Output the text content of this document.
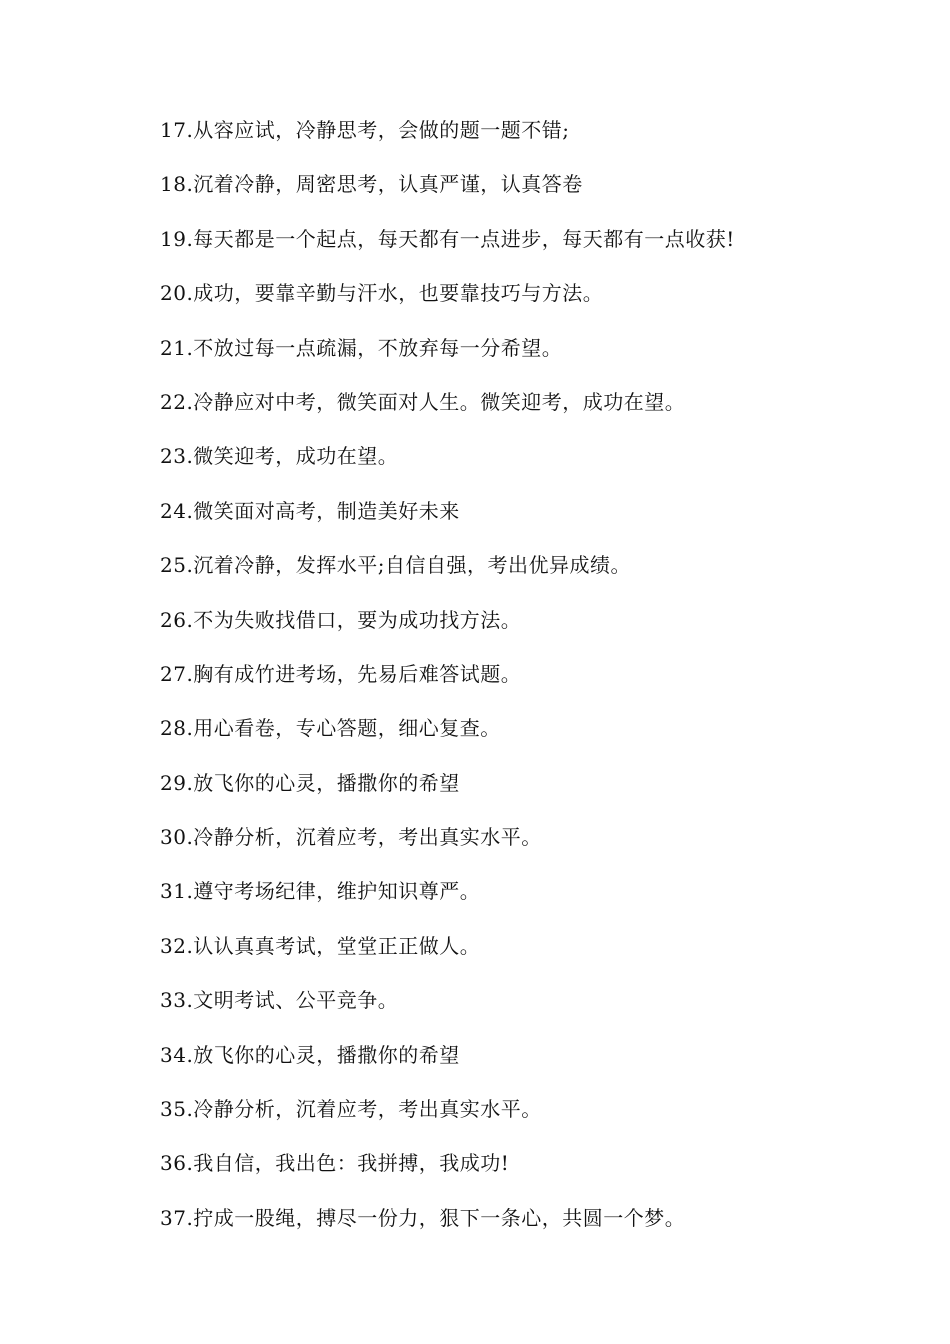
17.从容应试，冷静思考，会做的题一题不错;
18.沉着冷静，周密思考，认真严谨，认真答卷
19.每天都是一个起点，每天都有一点进步，每天都有一点收获!
20.成功，要靠辛勤与汗水，也要靠技巧与方法。
21.不放过每一点疏漏，不放弃每一分希望。
22.冷静应对中考，微笑面对人生。微笑迎考，成功在望。
23.微笑迎考，成功在望。
24.微笑面对高考，制造美好未来
25.沉着冷静，发挥水平;自信自强，考出优异成绩。
26.不为失败找借口，要为成功找方法。
27.胸有成竹进考场，先易后难答试题。
28.用心看卷，专心答题，细心复查。
29.放飞你的心灵，播撒你的希望
30.冷静分析，沉着应考，考出真实水平。
31.遵守考场纪律，维护知识尊严。
32.认认真真考试，堂堂正正做人。
33.文明考试、公平竞争。
34.放飞你的心灵，播撒你的希望
35.冷静分析，沉着应考，考出真实水平。
36.我自信，我出色：我拼搏，我成功!
37.拧成一股绳，搏尽一份力，狠下一条心，共圆一个梦。
